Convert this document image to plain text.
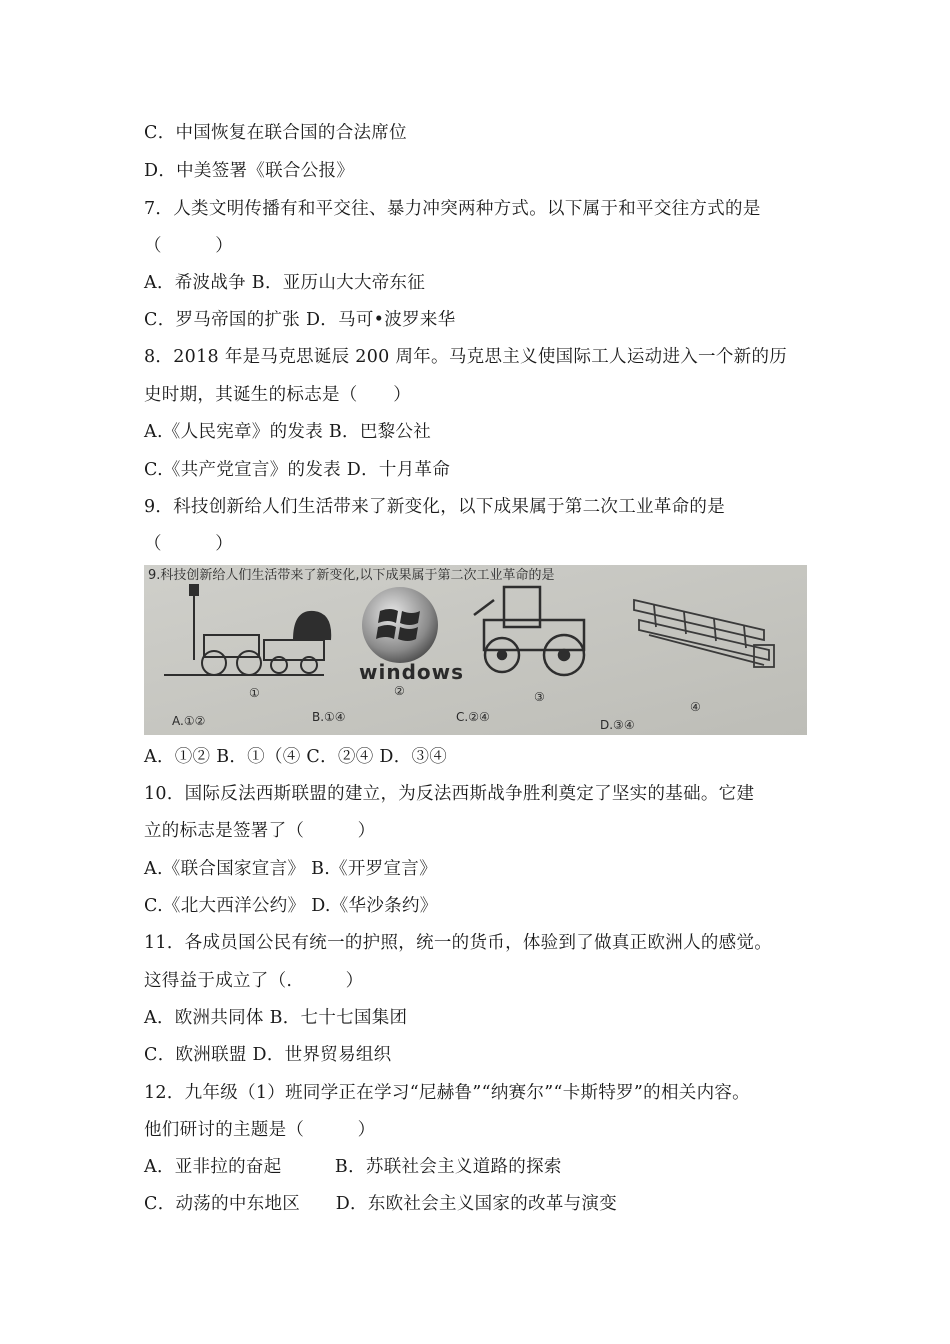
C．中国恢复在联合国的合法席位
D．中美签署《联合公报》
7．人类文明传播有和平交往、暴力冲突两种方式。以下属于和平交往方式的是
（　　　）
A．希波战争 B．亚历山大大帝东征
C．罗马帝国的扩张 D．马可•波罗来华
8．2018 年是马克思诞辰 200 周年。马克思主义使国际工人运动进入一个新的历
史时期，其诞生的标志是（　　）
A.《人民宪章》的发表 B．巴黎公社
C.《共产党宣言》的发表 D．十月革命
9．科技创新给人们生活带来了新变化，以下成果属于第二次工业革命的是
（　　　）
9.科技创新给人们生活带来了新变化,以下成果属于第二次工业革命的是
①
windows
②	③
④
A.①②	B.①④	C.②④
D.③④
A．①② B．①（④ C．②④ D．③④
10．国际反法西斯联盟的建立，为反法西斯战争胜利奠定了坚实的基础。它建
立的标志是签署了（　　　）
A.《联合国家宣言》 B.《开罗宣言》
C.《北大西洋公约》 D.《华沙条约》
11．各成员国公民有统一的护照，统一的货币，体验到了做真正欧洲人的感觉。
这得益于成立了（.　　　）
A．欧洲共同体 B．七十七国集团
C．欧洲联盟 D．世界贸易组织
12．九年级（1）班同学正在学习“尼赫鲁”“纳赛尔”“卡斯特罗”的相关内容。
他们研讨的主题是（　　　）
A．亚非拉的奋起　　　B．苏联社会主义道路的探索
C．动荡的中东地区　　D．东欧社会主义国家的改革与演变
